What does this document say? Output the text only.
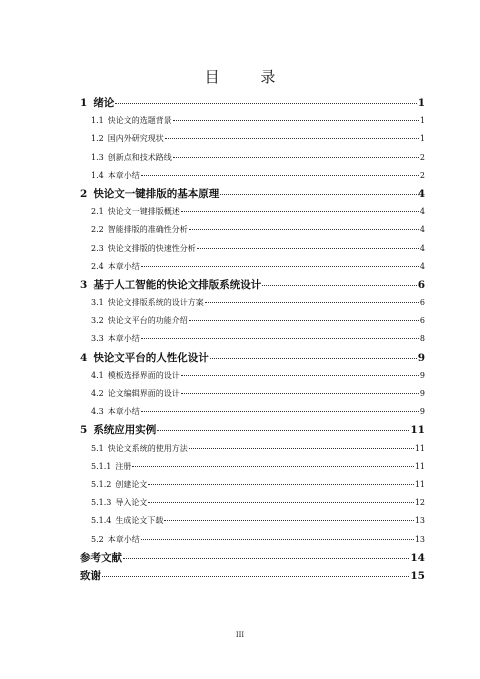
目 录
1 绪论	1
1.1 快论文的选题背景	1
1.2 国内外研究现状	1
1.3 创新点和技术路线	2
1.4 本章小结	2
2 快论文一键排版的基本原理	4
2.1 快论文一键排版概述	4
2.2 智能排版的准确性分析	4
2.3 快论文排版的快速性分析	4
2.4 本章小结	4
3 基于人工智能的快论文排版系统设计	6
3.1 快论文排版系统的设计方案	6
3.2 快论文平台的功能介绍	6
3.3 本章小结	8
4 快论文平台的人性化设计	9
4.1 模板选择界面的设计	9
4.2 论文编辑界面的设计	9
4.3 本章小结	9
5 系统应用实例	11
5.1 快论文系统的使用方法	11
5.1.1 注册	11
5.1.2 创建论文	11
5.1.3 导入论文	12
5.1.4 生成论文下载	13
5.2 本章小结	13
参考文献	14
致谢	15
III
